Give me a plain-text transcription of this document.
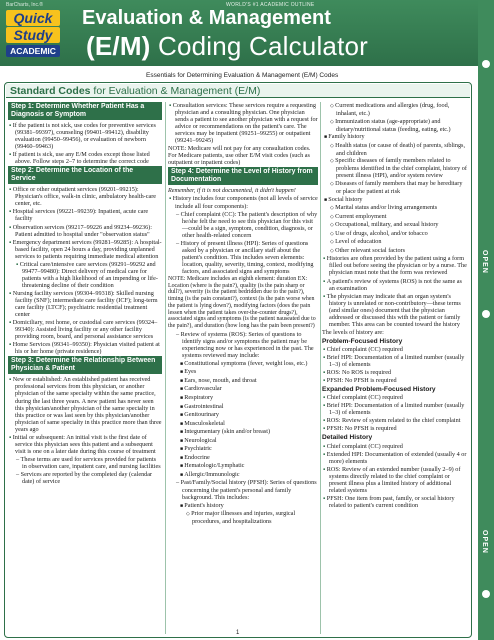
BarCharts, Inc.®	WORLD'S #1 ACADEMIC OUTLINE
Quick
Study
ACADEMIC
Evaluation & Management
(E/M) Coding Calculator
Essentials for Determining Evaluation & Management (E/M) Codes
Standard Codes for Evaluation & Management (E/M)
Step 1: Determine Whether Patient Has a Diagnosis or Symptom
▪ If the patient is not sick, use codes for preventive services (99381–99397), counseling (99401–99412), disability evaluation (99450–99456), or evaluation of newborn (99460–99463)
▪ If patient is sick, use any E/M codes except those listed above. Follow steps 2–7 to determine the correct code
Step 2: Determine the Location of the Service
▪ Office or other outpatient services (99201–99215): Physician's office, walk-in clinic, ambulatory health-care center, etc.
▪ Hospital services (99221–99239): Inpatient, acute care facility
▪ Observation services (99217–99226 and 99234–99236): Patient admitted to hospital under "observation status"
▪ Emergency department services (99281–99285): A hospital-based facility, open 24 hours a day, providing unplanned services to patients requiring immediate medical attention
▪ Critical care/intensive care services (99291–99292 and 99477–99480): Direct delivery of medical care for patients with a high likelihood of an impending or life-threatening decline of their condition
▪ Nursing facility services (99304–99318): Skilled nursing facility (SNF); intermediate care facility (ICF); long-term care facility (LTCF); psychiatric residential treatment center
▪ Domiciliary, rest home, or custodial care services (99324–99340): Assisted living facility or any other facility providing room, board, and personal assistance services
▪ Home Services (99341–99350): Physician visited patient at his or her home (private residence)
Step 3: Determine the Relationship Between Physician & Patient
▪ New or established: An established patient has received professional services from this physician, or another physician of the same specialty within the same practice, during the last three years. A new patient has never seen this physician/another physician of the same specialty in this practice or was last seen by this physician/another physician of same specialty in this practice more than three years ago
▪ Initial or subsequent: An initial visit is the first date of service this physician sees this patient and a subsequent visit is one on a later date during this course of treatment
– These terms are used for services provided for patients in observation care, inpatient care, and nursing facilities
– Services are reported by the completed day (calendar date) of service
▪ Consultation services: These services require a requesting physician and a consulting physician. One physician sends a patient to see another physician with a request for advice or recommendations on the patient's care. The services may be inpatient (99251–99255) or outpatient (99241–99245)
NOTE: Medicare will not pay for any consultation codes. For Medicare patients, use other E/M visit codes (such as outpatient or inpatient codes)
Step 4: Determine the Level of History from Documentation
Remember, if it is not documented, it didn't happen!
▪ History includes four components (not all levels of service include all four components):
– Chief complaint (CC): The patient's description of why he/she felt the need to see this physician for this visit—could be a sign, symptom, condition, diagnosis, or other health-related concern
– History of present illness (HPI): Series of questions asked by a physician or ancillary staff about the patient's condition. This includes seven elements: location, quality, severity, timing, context, modifying factors, and associated signs and symptoms
NOTE: Medicare includes an eighth element: duration EX: Location (where is the pain?), quality (is the pain sharp or dull?), severity (is the patient bedridden due to the pain?), timing (is the pain constant?), context (is the pain worse when the patient is lying down?), modifying factors (does the pain lessen when the patient takes over-the-counter drugs?), associated signs and symptoms (is the patient nauseated due to the pain?), and duration (how long has the pain been present?)
– Review of systems (ROS): Series of questions to identify signs and/or symptoms the patient may be experiencing now or has experienced in the past. The systems reviewed may include:
■ Constitutional symptoms (fever, weight loss, etc.)
■ Eyes
■ Ears, nose, mouth, and throat
■ Cardiovascular
■ Respiratory
■ Gastrointestinal
■ Genitourinary
■ Musculoskeletal
■ Integumentary (skin and/or breast)
■ Neurological
■ Psychiatric
■ Endocrine
■ Hematologic/Lymphatic
■ Allergic/Immunologic
– Past/Family/Social history (PFSH): Series of questions concerning the patient's personal and family background. This includes:
■ Patient's history
◇ Prior major illnesses and injuries, surgical procedures, and hospitalizations
◇ Current medications and allergies (drug, food, inhalant, etc.)
◇ Immunization status (age-appropriate) and dietary/nutritional status (feeding, eating, etc.)
■ Family history
◇ Health status (or cause of death) of parents, siblings, and children
◇ Specific diseases of family members related to problems identified in the chief complaint, history of present illness (HPI), and/or system review
◇ Diseases of family members that may be hereditary or place the patient at risk
■ Social history
◇ Marital status and/or living arrangements
◇ Current employment
◇ Occupational, military, and sexual history
◇ Use of drugs, alcohol, and/or tobacco
◇ Level of education
◇ Other relevant social factors
▪ Histories are often provided by the patient using a form filled out before seeing the physician or by a nurse. The physician must note that the form was reviewed
▪ A patient's review of systems (ROS) is not the same as an examination
▪ The physician may indicate that an organ system's history is unrelated or non-contributory—these terms (and similar ones) document that the physician addressed or discussed this with the patient or family member. This area can be counted toward the history
The levels of history are:
Problem-Focused History
▪ Chief complaint (CC) required
▪ Brief HPI: Documentation of a limited number (usually 1–3) of elements
▪ ROS: No ROS is required
▪ PFSH: No PFSH is required
Expanded Problem-Focused History
▪ Chief complaint (CC) required
▪ Brief HPI: Documentation of a limited number (usually 1–3) of elements
▪ ROS: Review of system related to the chief complaint
▪ PFSH: No PFSH is required
Detailed History
▪ Chief complaint (CC) required
▪ Extended HPI: Documentation of extended (usually 4 or more) elements
▪ ROS: Review of an extended number (usually 2–9) of systems directly related to the chief complaint or present illness plus a limited history of additional related systems
▪ PFSH: One item from past, family, or social history related to patient's current condition
OPEN
OPEN
1
